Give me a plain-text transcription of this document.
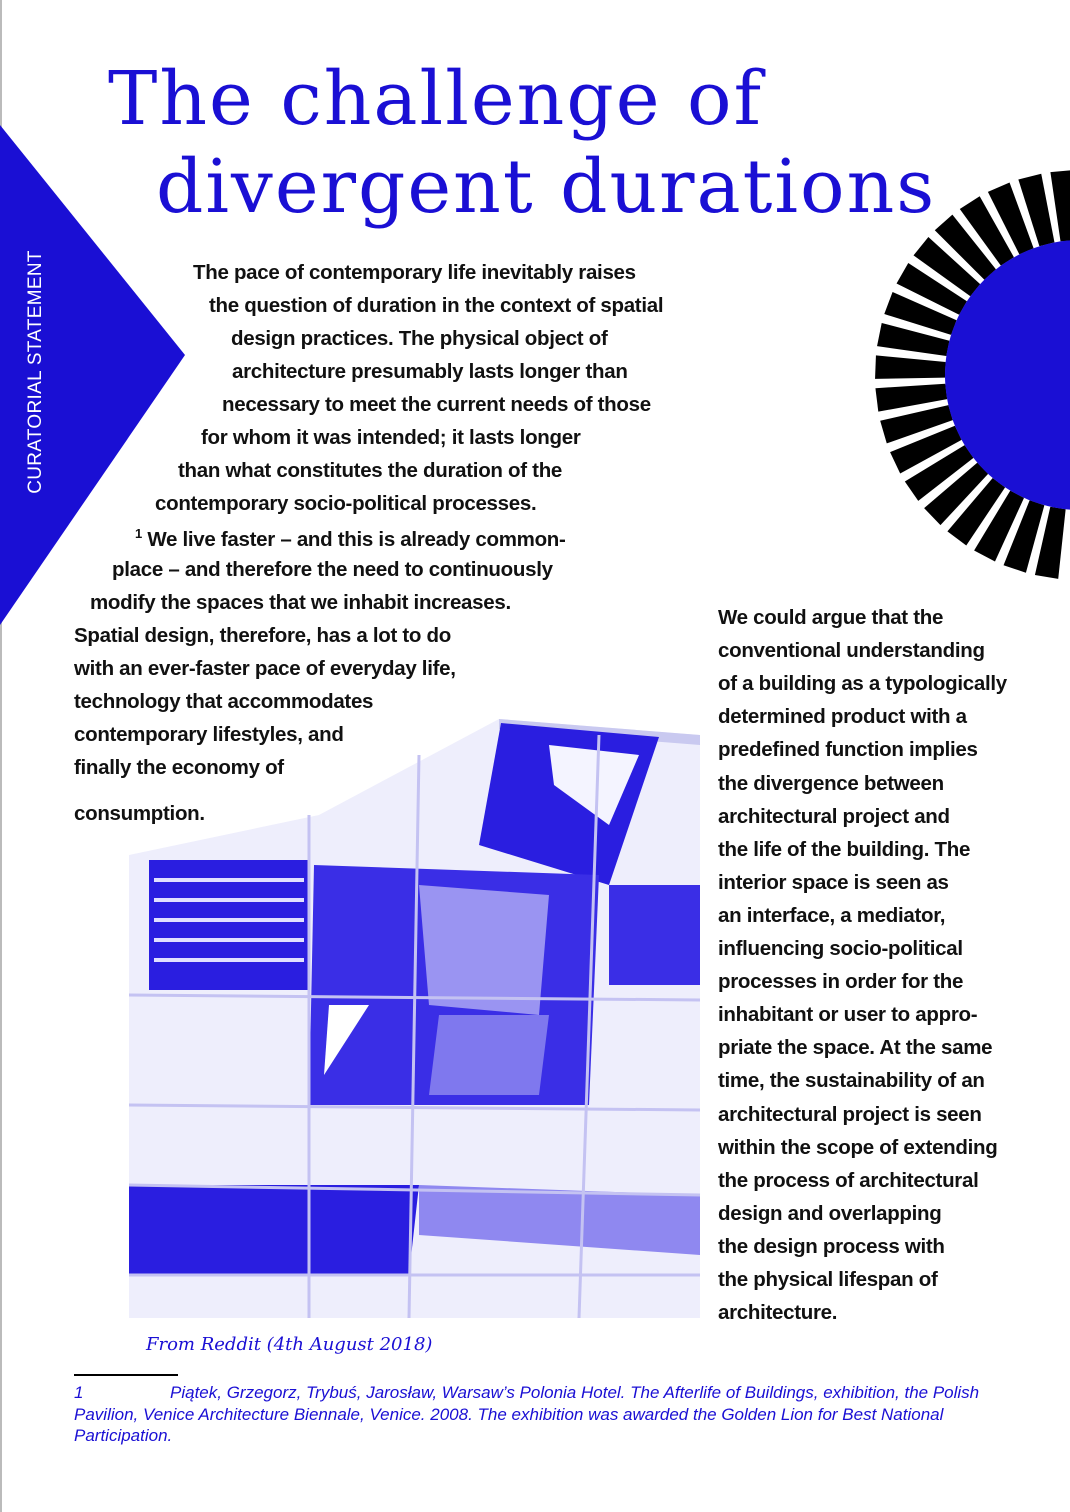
CURATORIAL STATEMENT
The challenge of
divergent durations
The pace of contemporary life inevitably raises
the question of duration in the context of spatial
design practices. The physical object of
architecture presumably lasts longer than
necessary to meet the current needs of those
for whom it was intended; it lasts longer
than what constitutes the duration of the
contemporary socio-political processes.
$^1$ We live faster – and this is already common-
place – and therefore the need to continuously
modify the spaces that we inhabit increases.
Spatial design, therefore, has a lot to do
with an ever-faster pace of everyday life,
technology that accommodates
contemporary lifestyles, and
finally the economy of
consumption.
We could argue that the
conventional understanding
of a building as a typologically
determined product with a
predefined function implies
the divergence between
architectural project and
the life of the building. The
interior space is seen as
an interface, a mediator,
influencing socio-political
processes in order for the
inhabitant or user to appro-
priate the space. At the same
time, the sustainability of an
architectural project is seen
within the scope of extending
the process of architectural
design and overlapping
the design process with
the physical lifespan of
architecture.
From Reddit (4th August 2018)
1	Piątek, Grzegorz, Trybuś, Jarosław, Warsaw’s Polonia Hotel. The Afterlife of Buildings, exhibition, the Polish Pavilion, Venice Architecture Biennale, Venice. 2008. The exhibition was awarded the Golden Lion for Best National Participation.
